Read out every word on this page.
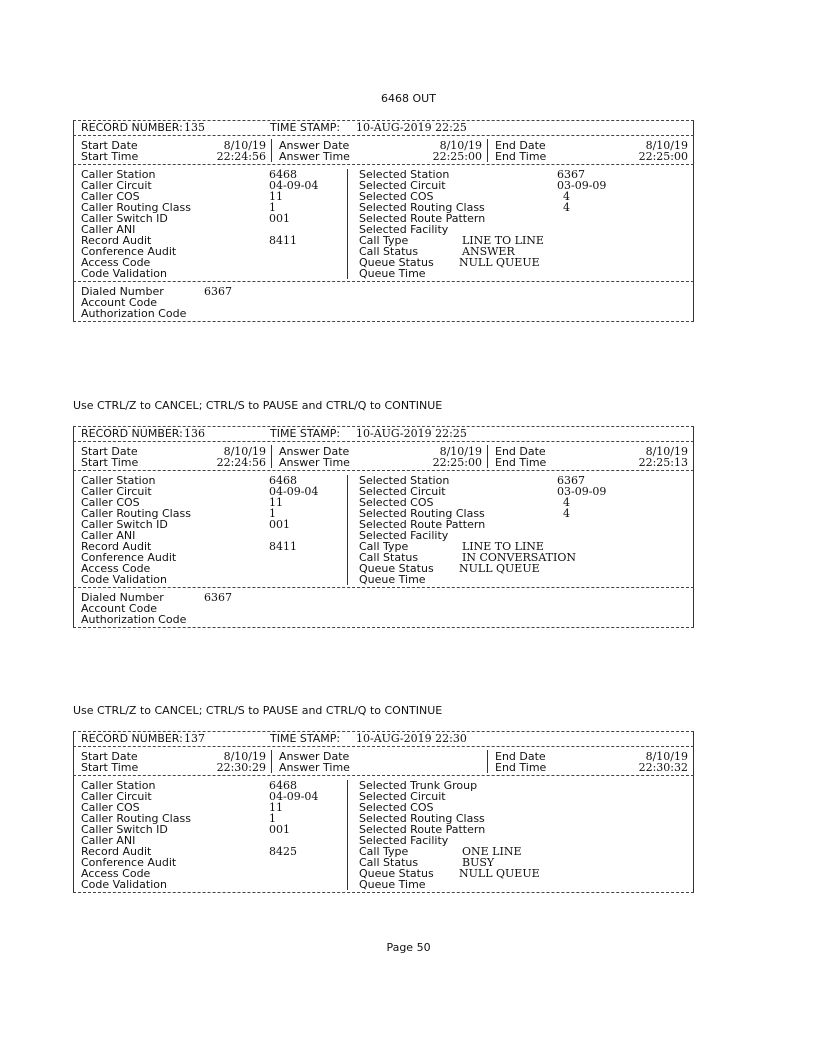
6468 OUT
RECORD NUMBER: 135	TIME STAMP: 10-AUG-2019 22:25
Start Date	8/10/19 Answer Date	8/10/19 End Date	8/10/19
Start Time	22:24:56 Answer Time	22:25:00 End Time	22:25:00
Caller Station	6468	Selected Station	6367
Caller Circuit	04-09-04	Selected Circuit	03-09-09
Caller COS	11	Selected COS	4
Caller Routing Class	1	Selected Routing Class	4
Caller Switch ID	001	Selected Route Pattern
Caller ANI	Selected Facility
Record Audit	8411	Call Type	LINE TO LINE
Conference Audit	Call Status	ANSWER
Access Code	Queue Status NULL QUEUE
Code Validation	Queue Time
Dialed Number	6367
Account Code
Authorization Code
RECORD NUMBER: 136	TIME STAMP: 10-AUG-2019 22:25
Start Date	8/10/19 Answer Date	8/10/19 End Date	8/10/19
Start Time	22:24:56 Answer Time	22:25:00 End Time	22:25:13
Caller Station	6468	Selected Station	6367
Caller Circuit	04-09-04	Selected Circuit	03-09-09
Caller COS	11	Selected COS	4
Caller Routing Class	1	Selected Routing Class	4
Caller Switch ID	001	Selected Route Pattern
Caller ANI	Selected Facility
Record Audit	8411	Call Type	LINE TO LINE
Conference Audit	Call Status	IN CONVERSATION
Access Code	Queue Status NULL QUEUE
Code Validation	Queue Time
Dialed Number	6367
Account Code
Authorization Code
RECORD NUMBER: 137	TIME STAMP: 10-AUG-2019 22:30
Start Date	8/10/19 Answer Date	End Date	8/10/19
Start Time	22:30:29 Answer Time	End Time	22:30:32
Caller Station	6468	Selected Trunk Group
Caller Circuit	04-09-04	Selected Circuit
Caller COS	11	Selected COS
Caller Routing Class	1	Selected Routing Class
Caller Switch ID	001	Selected Route Pattern
Caller ANI	Selected Facility
Record Audit	8425	Call Type	ONE LINE
Conference Audit	Call Status	BUSY
Access Code	Queue Status NULL QUEUE
Code Validation	Queue Time
Use CTRL/Z to CANCEL; CTRL/S to PAUSE and CTRL/Q to CONTINUE
Use CTRL/Z to CANCEL; CTRL/S to PAUSE and CTRL/Q to CONTINUE
Page 50
